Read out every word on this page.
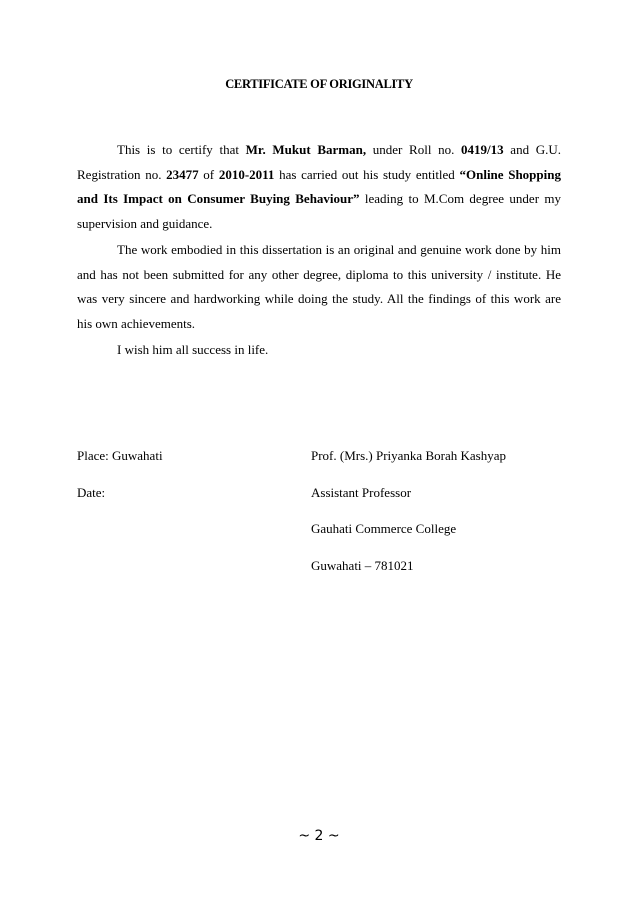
CERTIFICATE OF ORIGINALITY
This is to certify that Mr. Mukut Barman, under Roll no. 0419/13 and G.U. Registration no. 23477 of 2010-2011 has carried out his study entitled “Online Shopping and Its Impact on Consumer Buying Behaviour” leading to M.Com degree under my supervision and guidance.
The work embodied in this dissertation is an original and genuine work done by him and has not been submitted for any other degree, diploma to this university / institute. He was very sincere and hardworking while doing the study. All the findings of this work are his own achievements.
I wish him all success in life.
Place: Guwahati
Date:
Prof. (Mrs.) Priyanka Borah Kashyap
Assistant Professor
Gauhati Commerce College
Guwahati – 781021
~ 2 ~
